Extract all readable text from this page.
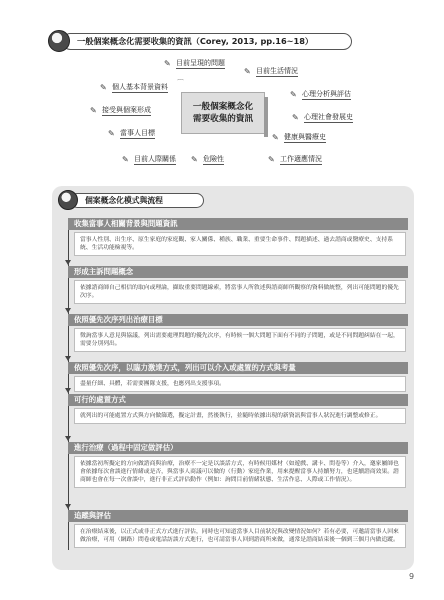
一般個案概念化需要收集的資訊（Corey, 2013, pp.16~18）
✎ 目前呈現的問題
✎ 目前生活情況
✎ 個人基本背景資料
✎ 心理分析與評估
✎ 接受與個案形成
✎ 心理社會發展史
✎ 當事人目標	✎ 健康與醫療史
✎ 目前人際關係 ✎ 危險性	✎ 工作適應情況
⌒
一般個案概念化
需要收集的資訊
個案概念化模式與流程
收集當事人相關背景與問題資訊
當事人性別、出生序、原生家庭的家庭觀、家人關係、種族、職業、重要生命事件、問題描述、過去諮商或醫療史、支持系統、生活功能檢視等。
形成主訴問題概念
依據諮商師自己相信的取向或理論，擷取重要問題線索，將當事人所敘述與諮商師所觀察的資料做統整，列出可能問題的優先次序。
依照優先次序列出治療目標
徵詢當事人意見與協議，列出需要處理問題的優先次序，有時候一個大問題下面有不同的子問題，或是不同問題糾結在一起，需要分別列出。
依照優先次序，以臨力激達方式，列出可以介入或處置的方式與考量
盡量仔細、具體，若需要團隊支援，也應列出支援事項。
可行的處置方式
就列出的可能處置方式與方向做篩選，擬定計畫，然後執行，並隨時依據出現的新資訊與當事人狀況進行調整或修正。
進行治療（過程中固定做評估）
依據當初所擬定的方向做諮商與治療，治療不一定是以談話方式，有時候用媒材（如遊戲、講卡、問卷等）介入，邀家屬師也會依據每次會談進行情緒或是否，與當事人商議可以做的（行動）家庭作業，用來提醒當事人持續努力，也延續諮商效果。諮商師也會在每一次會談中，進行非正式評估動作（例如：詢問目前情緒狀態、生活作息、人際或工作情況）。
追蹤與評估
在治療結束後，以正式或非正式方式進行評估，同時也可知道當事人目前狀況與改變情況如何？若有必要，可邀請當事人回來做治療，可用（網路）問卷或電話訪談方式進行，也可請當事人回到諮商所來做，通常是諮商結束後一個到三個月內做追蹤。
9
